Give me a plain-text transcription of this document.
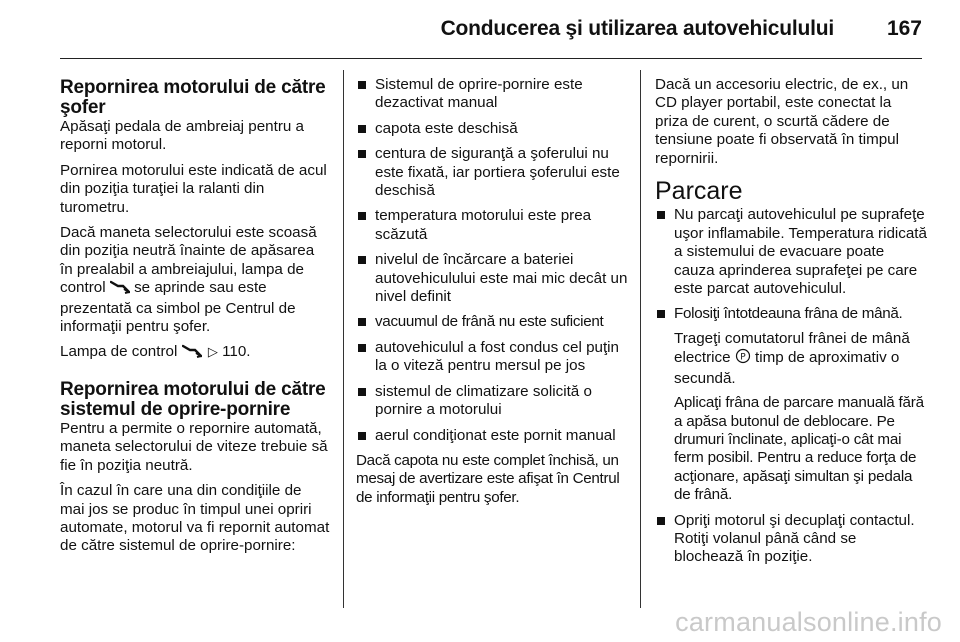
Conducerea şi utilizarea autovehiculului	167
Repornirea motorului de către şofer

Apăsaţi pedala de ambreiaj pentru a reporni motorul.

Pornirea motorului este indicată de acul din poziţia turaţiei la ralanti din turometru.

Dacă maneta selectorului este scoasă din poziţia neutră înainte de apăsarea în prealabil a ambreiajului, lampa de control se aprinde sau este prezentată ca simbol pe Centrul de informaţii pentru şofer.

Lampa de control ▷ 110.

Repornirea motorului de către sistemul de oprire-pornire

Pentru a permite o repornire automată, maneta selectorului de viteze trebuie să fie în poziţia neutră.

În cazul în care una din condiţiile de mai jos se produc în timpul unei opriri automate, motorul va fi repornit automat de către sistemul de oprire-pornire:

Sistemul de oprire-pornire este dezactivat manual
capota este deschisă
centura de siguranţă a şoferului nu este fixată, iar portiera şoferului este deschisă
temperatura motorului este prea scăzută
nivelul de încărcare a bateriei autovehiculului este mai mic decât un nivel definit
vacuumul de frână nu este suficient
autovehiculul a fost condus cel puţin la o viteză pentru mersul pe jos
sistemul de climatizare solicită o pornire a motorului
aerul condiţionat este pornit manual

Dacă capota nu este complet închisă, un mesaj de avertizare este afişat în Centrul de informaţii pentru şofer.

Dacă un accesoriu electric, de ex., un CD player portabil, este conectat la priza de curent, o scurtă cădere de tensiune poate fi observată în timpul repornirii.

Parcare
Nu parcaţi autovehiculul pe suprafeţe uşor inflamabile. Temperatura ridicată a sistemului de evacuare poate cauza aprinderea suprafeţei pe care este parcat autovehiculul.

Folosiţi întotdeauna frâna de mână.

Trageţi comutatorul frânei de mână electrice P timp de aproximativ o secundă.

Aplicaţi frâna de parcare manuală fără a apăsa butonul de deblocare. Pe drumuri înclinate, aplicaţi-o cât mai ferm posibil. Pentru a reduce forţa de acţionare, apăsaţi simultan şi pedala de frână.

Opriţi motorul şi decuplaţi contactul. Rotiţi volanul până când se blochează în poziţie.
carmanualsonline.info
